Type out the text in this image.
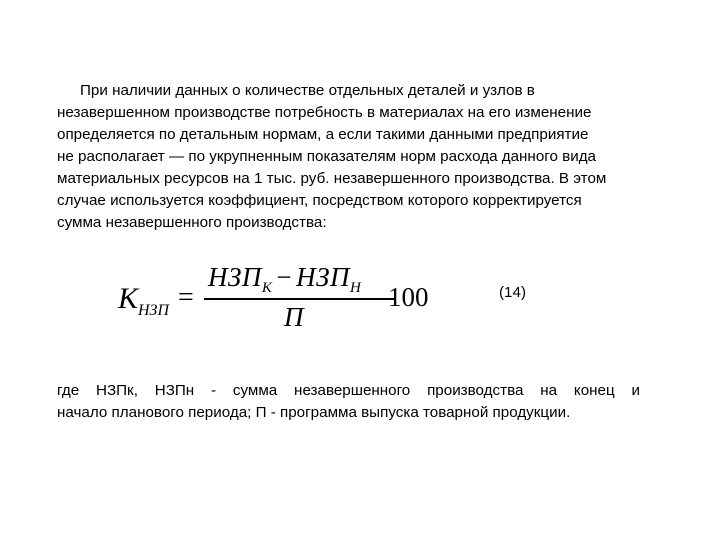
При наличии данных о количестве отдельных деталей и узлов в
незавершенном производстве потребность в материалах на его изменение
определяется по детальным нормам, а если такими данными предприятие
не располагает — по укрупненным показателям норм расхода данного вида
материальных ресурсов на 1 тыс. руб. незавершенного производства. В этом
случае используется коэффициент, посредством которого корректируется
сумма незавершенного производства:
K НЗП =
$НЗП_К - НЗП_Н$
П
100	(14)
где НЗПк, НЗПн - сумма незавершенного производства на конец и
начало планового периода; П - программа выпуска товарной продукции.
